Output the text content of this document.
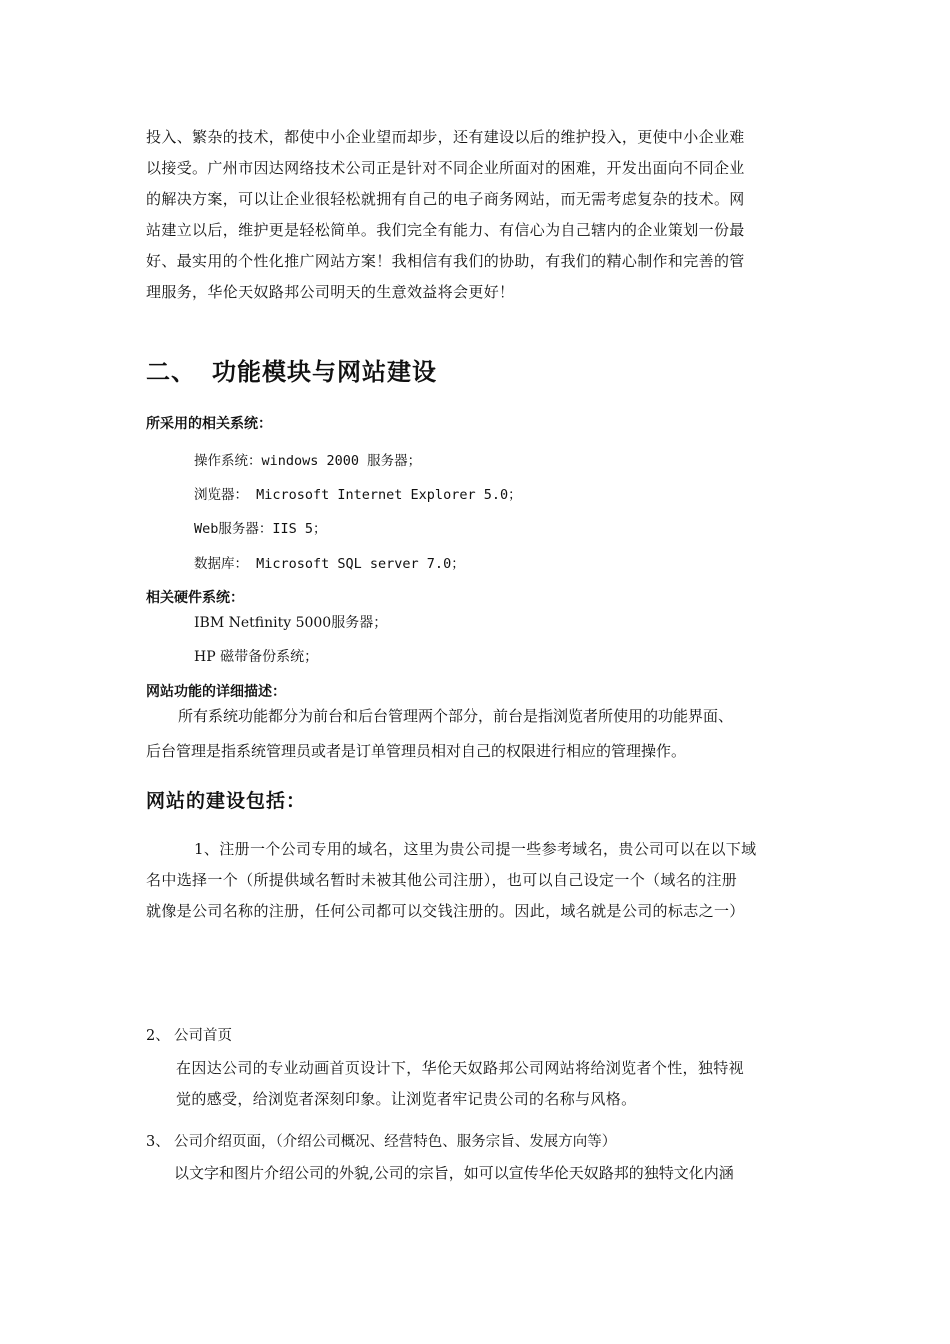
投入、繁杂的技术，都使中小企业望而却步，还有建设以后的维护投入，更使中小企业难

以接受。广州市因达网络技术公司正是针对不同企业所面对的困难，开发出面向不同企业

的解决方案，可以让企业很轻松就拥有自己的电子商务网站，而无需考虑复杂的技术。网

站建立以后，维护更是轻松简单。我们完全有能力、有信心为自己辖内的企业策划一份最

好、最实用的个性化推广网站方案！我相信有我们的协助，有我们的精心制作和完善的管

理服务，华伦天奴路邦公司明天的生意效益将会更好！

二、 功能模块与网站建设
所采用的相关系统：
操作系统：windows 2000 服务器；
浏览器： Microsoft Internet Explorer 5.0；
Web服务器：IIS 5；
数据库： Microsoft SQL server 7.0；
相关硬件系统：
IBM Netfinity 5000服务器；
HP 磁带备份系统；
网站功能的详细描述：
所有系统功能都分为前台和后台管理两个部分，前台是指浏览者所使用的功能界面、
后台管理是指系统管理员或者是订单管理员相对自己的权限进行相应的管理操作。
网站的建设包括：

1、注册一个公司专用的域名，这里为贵公司提一些参考域名，贵公司可以在以下域

名中选择一个（所提供域名暂时未被其他公司注册），也可以自己设定一个（域名的注册

就像是公司名称的注册，任何公司都可以交钱注册的。因此，域名就是公司的标志之一）

2、 公司首页

在因达公司的专业动画首页设计下，华伦天奴路邦公司网站将给浏览者个性，独特视

觉的感受，给浏览者深刻印象。让浏览者牢记贵公司的名称与风格。

3、 公司介绍页面，（介绍公司概况、经营特色、服务宗旨、发展方向等）
以文字和图片介绍公司的外貌,公司的宗旨，如可以宣传华伦天奴路邦的独特文化内涵
